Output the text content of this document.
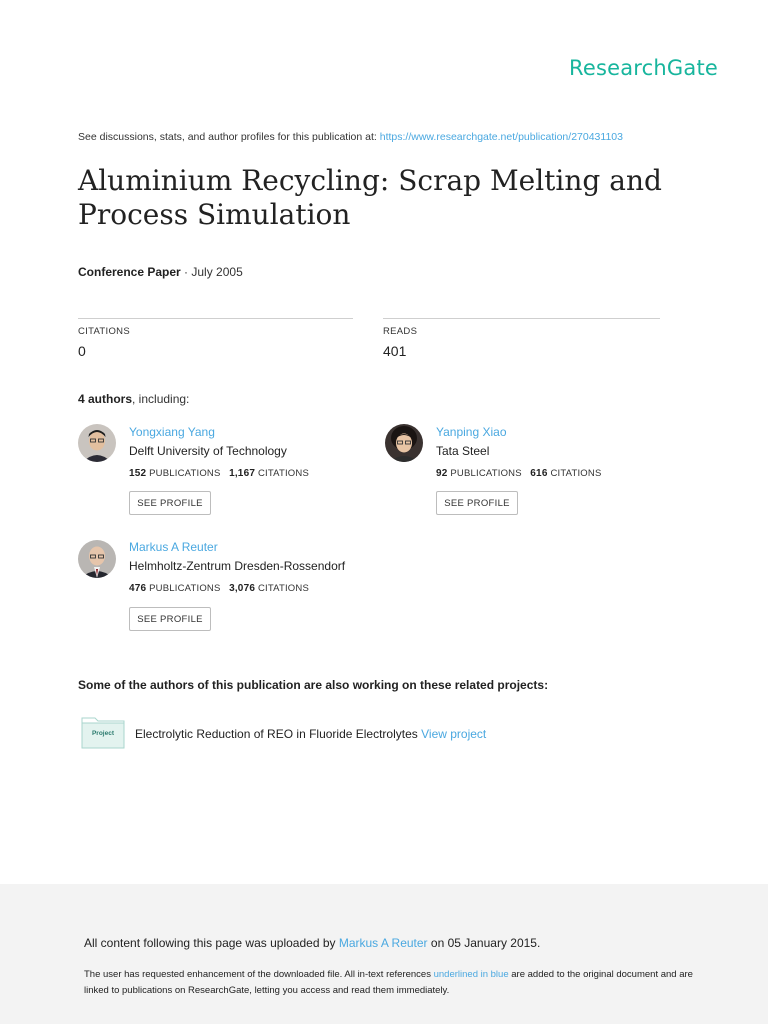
ResearchGate
See discussions, stats, and author profiles for this publication at: https://www.researchgate.net/publication/270431103
Aluminium Recycling: Scrap Melting and Process Simulation
Conference Paper · July 2005
CITATIONS
0
READS
401
4 authors, including:
Yongxiang Yang
Delft University of Technology
152 PUBLICATIONS 1,167 CITATIONS
SEE PROFILE
Yanping Xiao
Tata Steel
92 PUBLICATIONS 616 CITATIONS
SEE PROFILE
Markus A Reuter
Helmholtz-Zentrum Dresden-Rossendorf
476 PUBLICATIONS 3,076 CITATIONS
SEE PROFILE
Some of the authors of this publication are also working on these related projects:
Project	Electrolytic Reduction of REO in Fluoride Electrolytes View project
All content following this page was uploaded by Markus A Reuter on 05 January 2015.
The user has requested enhancement of the downloaded file. All in-text references underlined in blue are added to the original document and are linked to publications on ResearchGate, letting you access and read them immediately.
